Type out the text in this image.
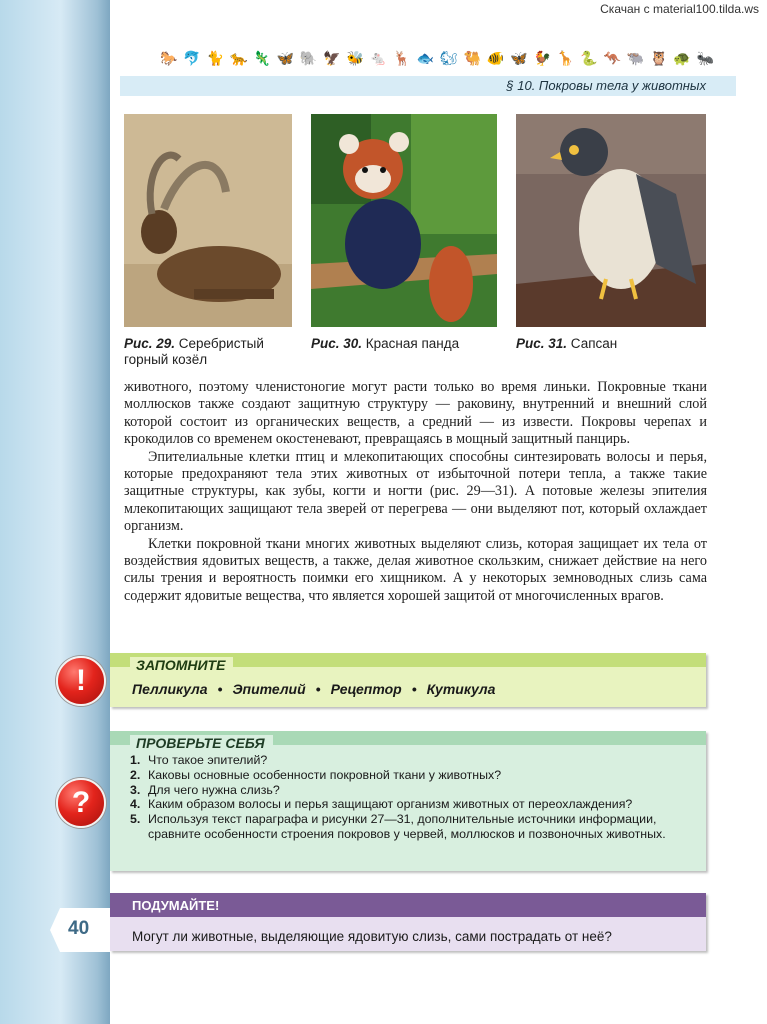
Скачан с material100.tilda.ws
🐎 🐬 🐈 🐆 🦎 🦋 🐘 🦅 🐝 🐁 🦌 🐟 🐿 🐫 🐠 🦋 🐓 🦒 🐍 🦘 🐃 🦉 🐢 🐜
§ 10. Покровы тела у животных
Рис. 29. Серебристый горный козёл
Рис. 30. Красная панда	Рис. 31. Сапсан

животного, поэтому членистоногие могут расти только во время линьки. Покровные ткани моллюсков также создают защитную структуру — раковину, внутренний и внешний слой которой состоит из органических веществ, а средний — из извести. Покровы черепах и крокодилов со временем окостеневают, превращаясь в мощный защитный панцирь.

Эпителиальные клетки птиц и млекопитающих способны синтезировать волосы и перья, которые предохраняют тела этих животных от избыточной потери тепла, а также такие защитные структуры, как зубы, когти и ногти (рис. 29—31). А потовые железы эпителия млекопитающих защищают тела зверей от перегрева — они выделяют пот, который охлаждает организм.

Клетки покровной ткани многих животных выделяют слизь, которая защищает их тела от воздействия ядовитых веществ, а также, делая животное скользким, снижает действие на него силы трения и вероятность поимки его хищником. А у некоторых земноводных слизь сама содержит ядовитые вещества, что является хорошей защитой от многочисленных врагов.

!	ЗАПОМНИТЕ
Пелликула • Эпителий • Рецептор • Кутикула
?
ПРОВЕРЬТЕ СЕБЯ
1. Что такое эпителий?
2. Каковы основные особенности покровной ткани у животных?
3. Для чего нужна слизь?
4. Каким образом волосы и перья защищают организм животных от переохлаждения?
5. Используя текст параграфа и рисунки 27—31, дополнительные источники информации, сравните особенности строения покровов у червей, моллюсков и позвоночных животных.
ПОДУМАЙТЕ!
Могут ли животные, выделяющие ядовитую слизь, сами пострадать от неё?
40
